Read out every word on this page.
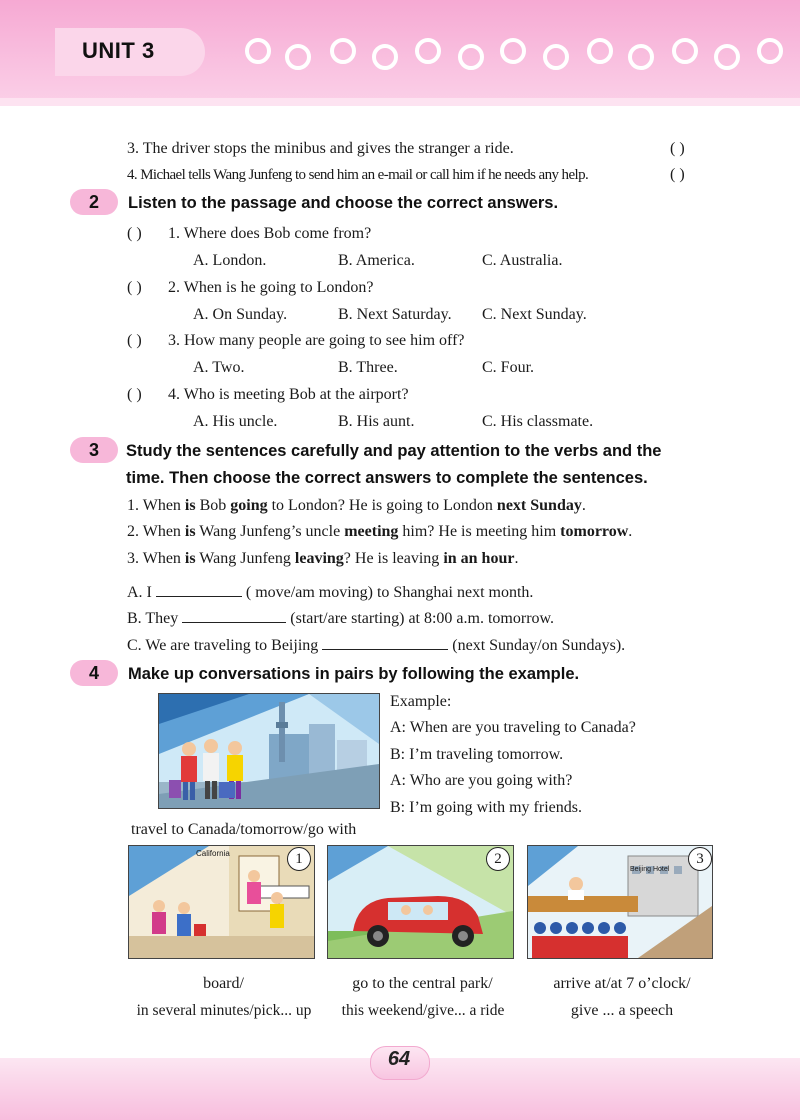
UNIT 3
3. The driver stops the minibus and gives the stranger a ride.	( )
4. Michael tells Wang Junfeng to send him an e-mail or call him if he needs any help.	( )
2	Listen to the passage and choose the correct answers.
( ) 1. Where does Bob come from?
A. London.	B. America.	C. Australia.
( ) 2. When is he going to London?
A. On Sunday.	B. Next Saturday. C. Next Sunday.
( ) 3. How many people are going to see him off?
A. Two.	B. Three.	C. Four.
( ) 4. Who is meeting Bob at the airport?
A. His uncle.	B. His aunt.	C. His classmate.
3	Study the sentences carefully and pay attention to the verbs and the
time. Then choose the correct answers to complete the sentences.
1. When is Bob going to London? He is going to London next Sunday.
2. When is Wang Junfeng’s uncle meeting him? He is meeting him tomorrow.
3. When is Wang Junfeng leaving? He is leaving in an hour.
A. I	( move/am moving) to Shanghai next month.
B. They	(start/are starting) at 8:00 a.m. tomorrow.
C. We are traveling to Beijing	(next Sunday/on Sundays).
4	Make up conversations in pairs by following the example.
Example:
A: When are you traveling to Canada?
B: I’m traveling tomorrow.
A: Who are you going with?
B: I’m going with my friends.
travel to Canada/tomorrow/go with
California	1	2
Beijing Hotel
3
board/
in several minutes/pick... up
go to the central park/
this weekend/give... a ride
arrive at/at 7 o’clock/
give ... a speech
64
